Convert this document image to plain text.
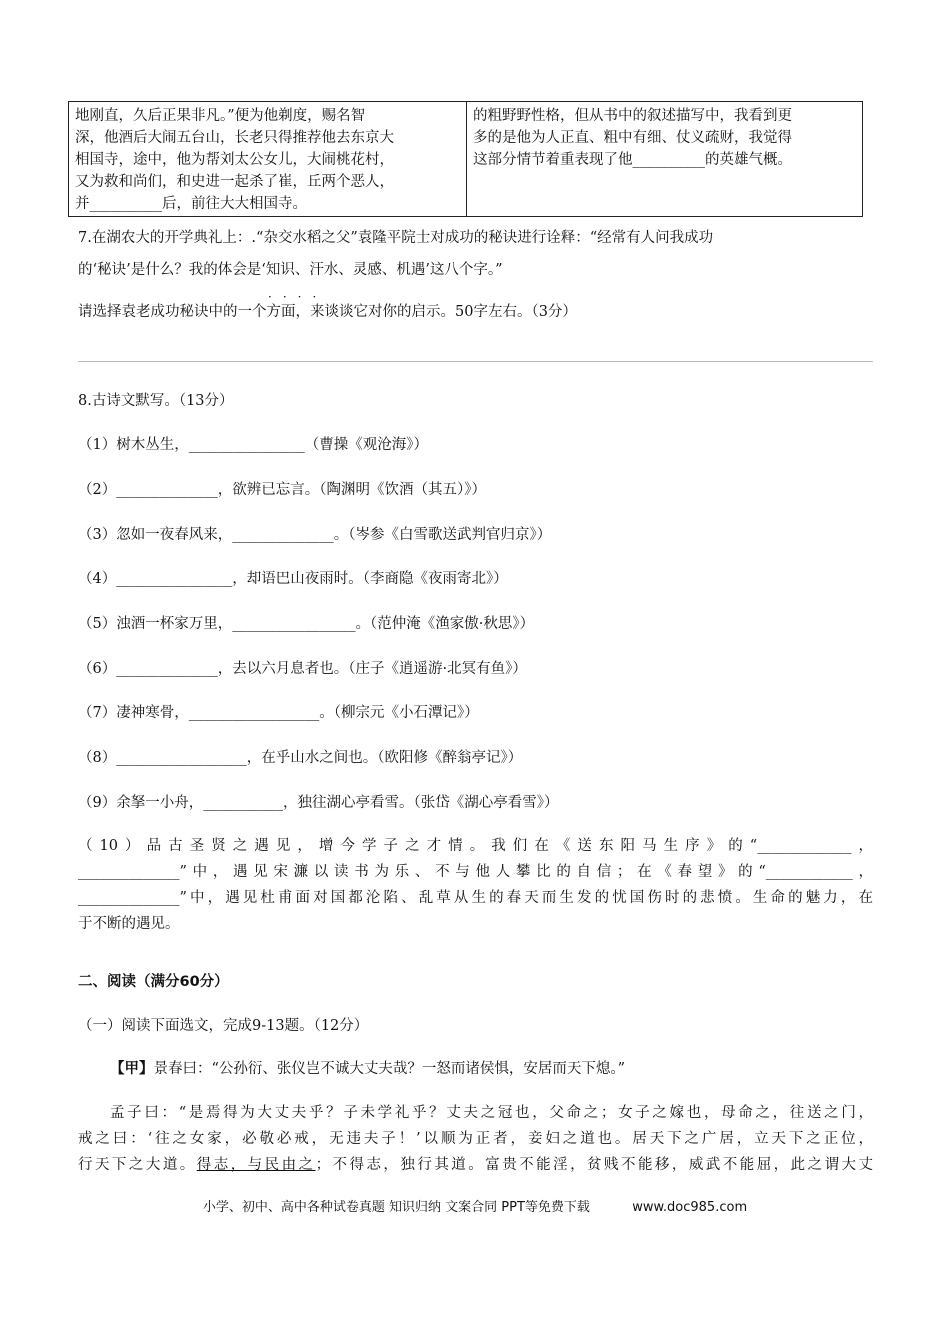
地刚直，久后正果非凡。”便为他剃度，赐名智
深，他酒后大闹五台山，长老只得推荐他去东京大
相国寺，途中，他为帮刘太公女儿，大闹桃花村，
又为救和尚们，和史进一起杀了崔，丘两个恶人，
并__________后，前往大大相国寺。
的粗野野性格，但从书中的叙述描写中，我看到更
多的是他为人正直、粗中有细、仗义疏财，我觉得
这部分情节着重表现了他__________的英雄气概。
7.在湖农大的开学典礼上：.“杂交水稻之父”袁隆平院士对成功的秘诀进行诠释：“经常有人问我成功
的‘秘诀’是什么？我的体会是‘知识、汗水、灵感、机遇’这八个字。”
····
请选择袁老成功秘诀中的一个方面，来谈谈它对你的启示。50字左右。（3分）
8.古诗文默写。（13分）
（1）树木丛生，________________（曹操《观沧海》）
（2）______________，欲辨已忘言。（陶渊明《饮酒（其五）》）
（3）忽如一夜春风来，______________。（岑参《白雪歌送武判官归京》）
（4）________________，却语巴山夜雨时。（李商隐《夜雨寄北》）
（5）浊酒一杯家万里，_________________。（范仲淹《渔家傲·秋思》）
（6）______________，去以六月息者也。（庄子《逍遥游·北冥有鱼》）
（7）凄神寒骨，__________________。（柳宗元《小石潭记》）
（8）__________________，在乎山水之间也。（欧阳修《醉翁亭记》）
（9）余拏一小舟，___________，独往湖心亭看雪。（张岱《湖心亭看雪》）
（10）品古圣贤之遇见，增今学子之才情。我们在《送东阳马生序》的“_____________，
______________”中，遇见宋濂以读书为乐、不与他人攀比的自信；在《春望》的“____________，
______________”中，遇见杜甫面对国都沦陷、乱草从生的春天而生发的忧国伤时的悲愤。生命的魅力，在
于不断的遇见。
二、阅读（满分60分）
（一）阅读下面选文，完成9-13题。（12分）
【甲】景春曰：“公孙衍、张仪岂不诚大丈夫哉？一怒而诸侯惧，安居而天下熄。”
孟子曰：“是焉得为大丈夫乎？子未学礼乎？丈夫之冠也，父命之；女子之嫁也，母命之，往送之门，
戒之曰：‘往之女家，必敬必戒，无违夫子！’以顺为正者，妾妇之道也。居天下之广居，立天下之正位，
行天下之大道。得志，与民由之；不得志，独行其道。富贵不能淫，贫贱不能移，威武不能屈，此之谓大丈
小学、初中、高中各种试卷真题 知识归纳 文案合同 PPT等免费下载	www.doc985.com
